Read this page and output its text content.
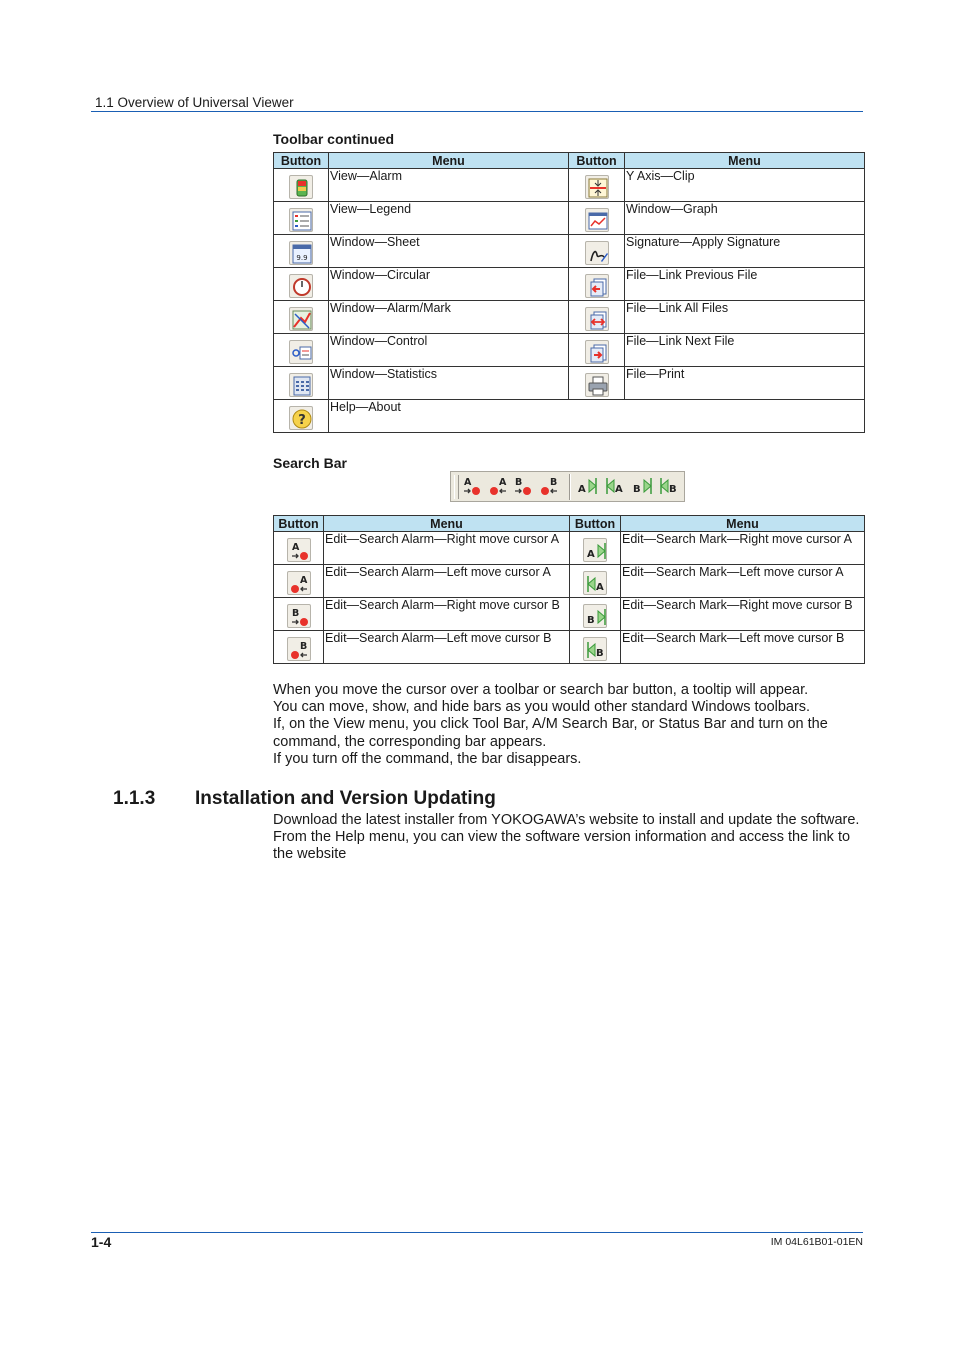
1.1 Overview of Universal Viewer
Toolbar continued
Button	Menu	Button	Menu

	View—Alarm		Y Axis—Clip

	View—Legend		Window—Graph

9.9	Window—Sheet		Signature—Apply Signature

	Window—Circular		File—Link Previous File

	Window—Alarm/Mark		File—Link All Files

	Window—Control		File—Link Next File

	Window—Statistics		File—Print

?	Help—About		
Search Bar
A	A B	B
A	A B	B
Button	Menu	Button	Menu

A	Edit—Search Alarm—Right move cursor A	A	Edit—Search Mark—Right move cursor A

A	Edit—Search Alarm—Left move cursor A	A	Edit—Search Mark—Left move cursor A

B	Edit—Search Alarm—Right move cursor B	B	Edit—Search Mark—Right move cursor B

B	Edit—Search Alarm—Left move cursor B	B	Edit—Search Mark—Left move cursor B

When you move the cursor over a toolbar or search bar button, a tooltip will appear.

You can move, show, and hide bars as you would other standard Windows toolbars.

If, on the View menu, you click Tool Bar, A/M Search Bar, or Status Bar and turn on the command, the corresponding bar appears.

If you turn off the command, the bar disappears.

1.1.3 Installation and Version Updating
Download the latest installer from YOKOGAWA’s website to install and update the software. From the Help menu, you can view the software version information and access the link to the website
1-4	IM 04L61B01-01EN
